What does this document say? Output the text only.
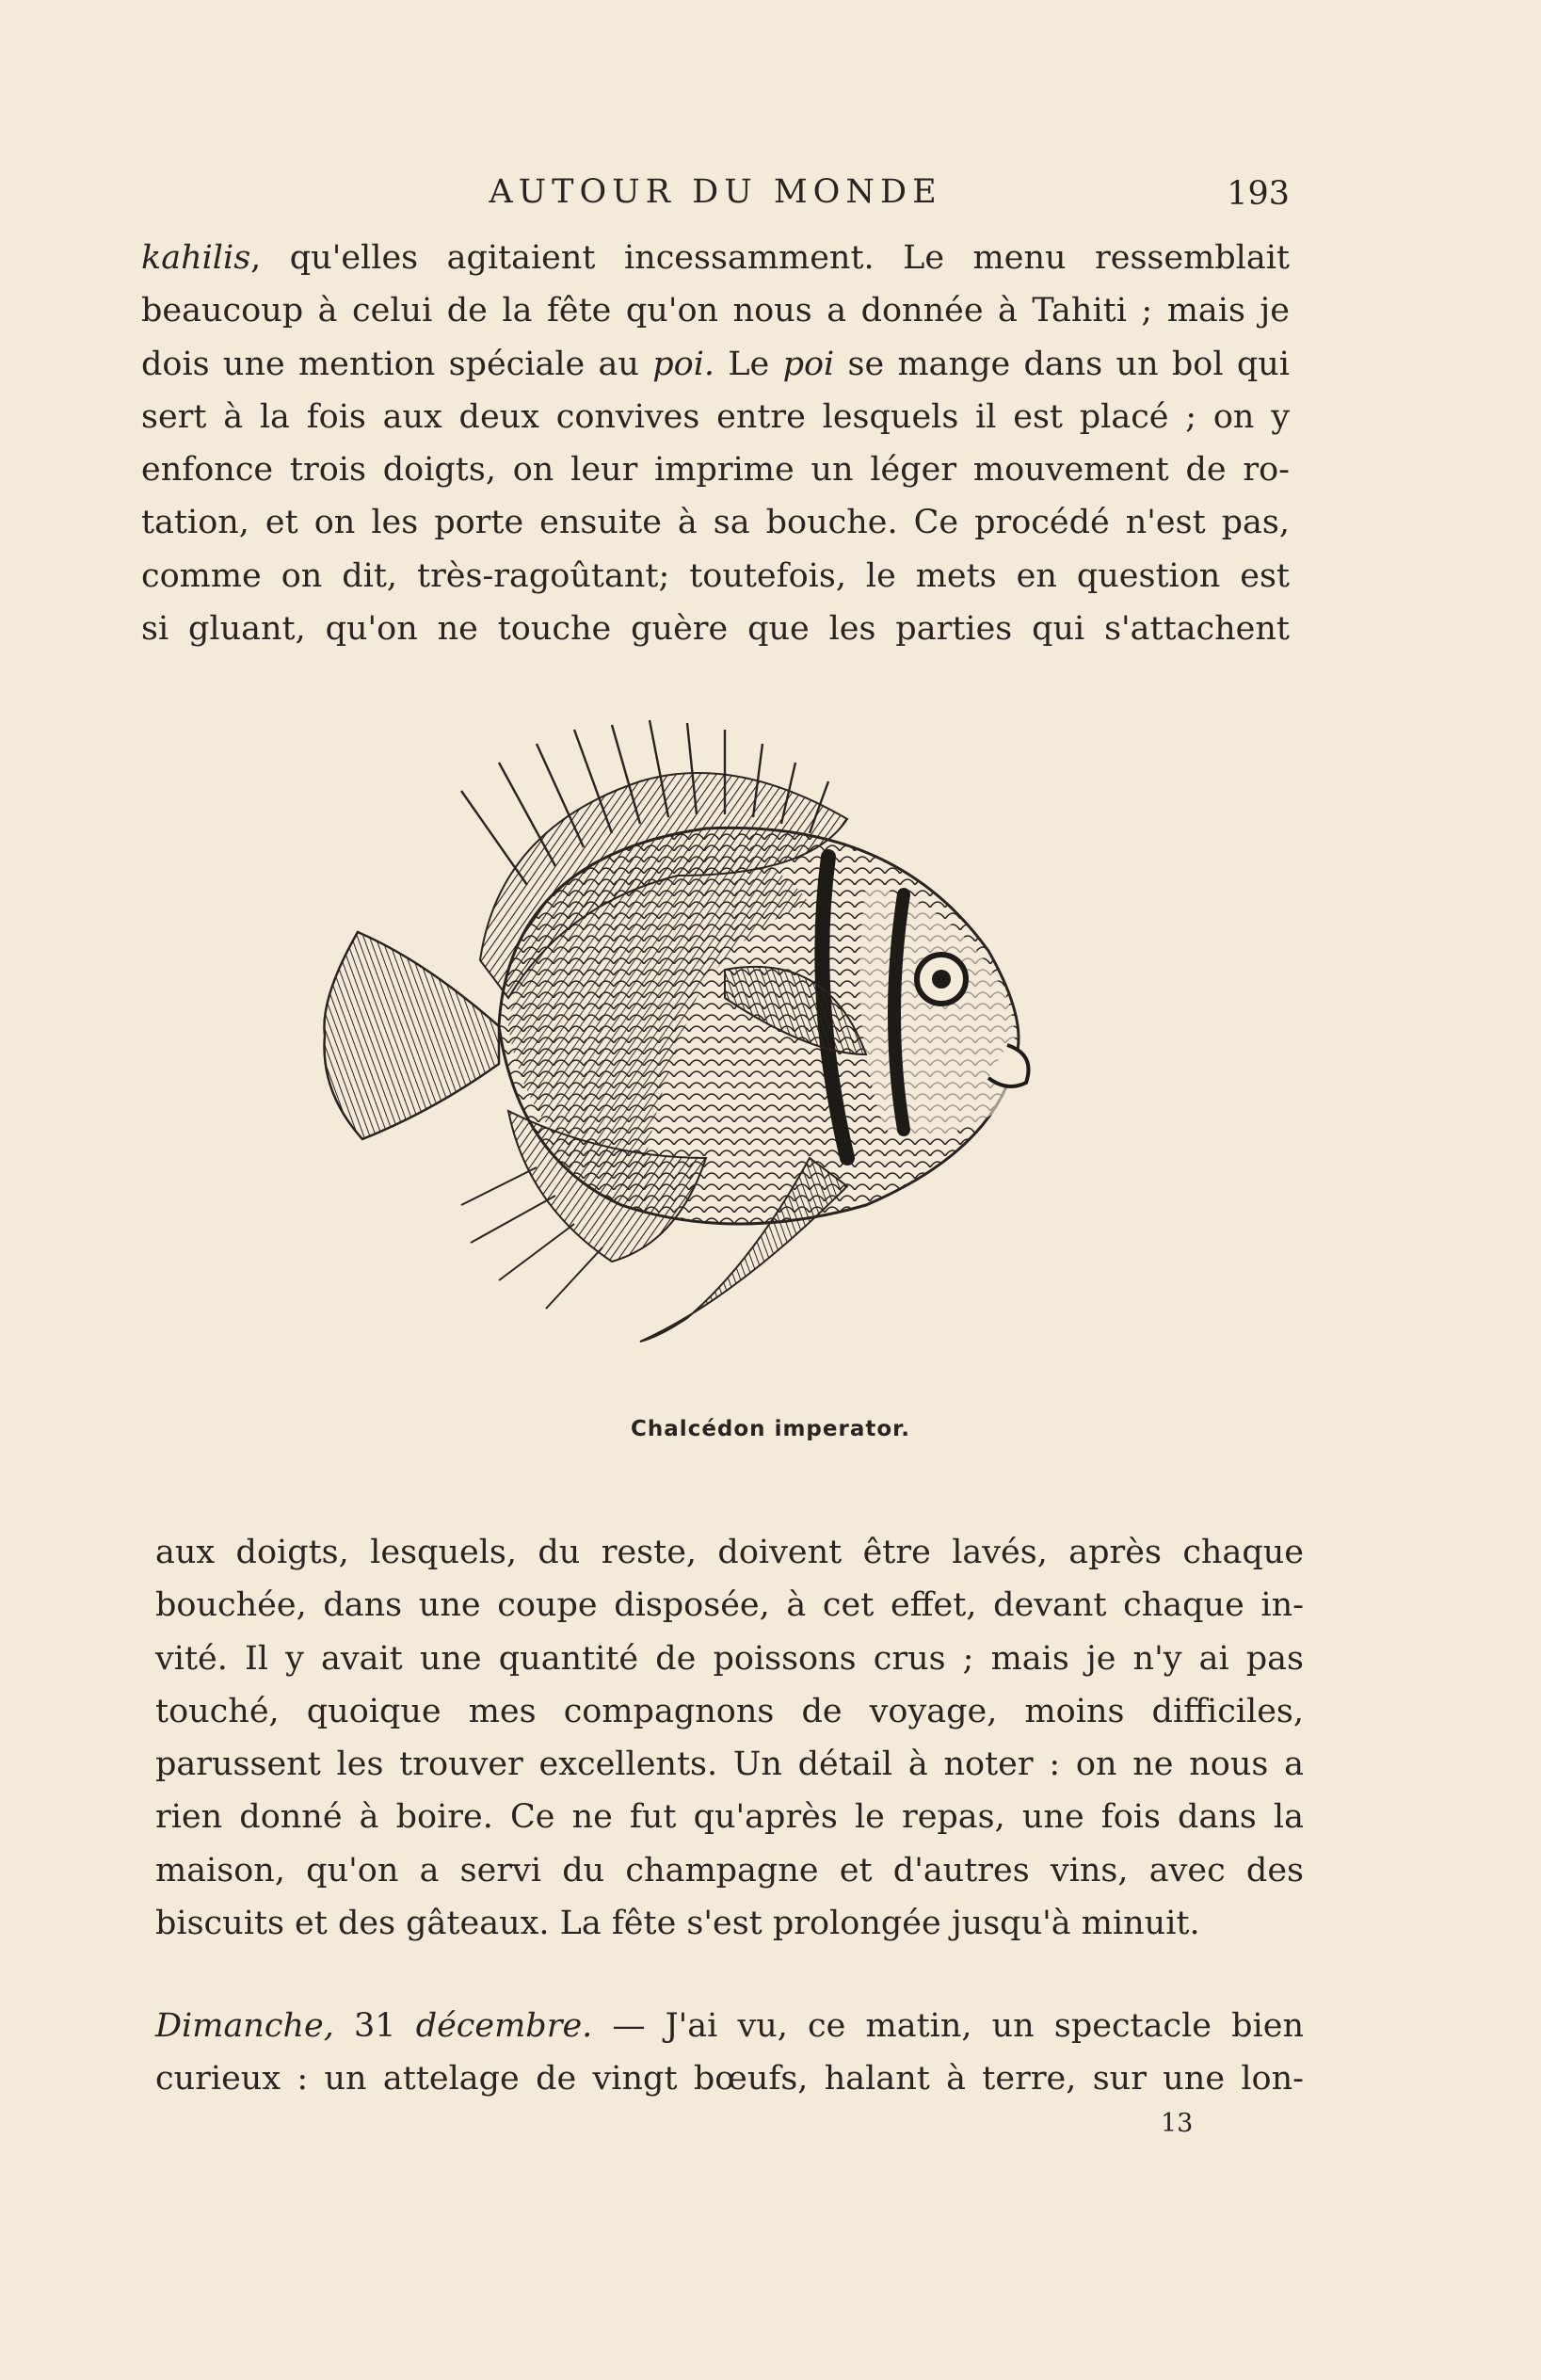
AUTOUR DU MONDE	193
kahilis, qu'elles agitaient incessamment. Le menu ressemblait
beaucoup à celui de la fête qu'on nous a donnée à Tahiti ; mais je
dois une mention spéciale au poi. Le poi se mange dans un bol qui
sert à la fois aux deux convives entre lesquels il est placé ; on y
enfonce trois doigts, on leur imprime un léger mouvement de ro-
tation, et on les porte ensuite à sa bouche. Ce procédé n'est pas,
comme on dit, très-ragoûtant; toutefois, le mets en question est
si gluant, qu'on ne touche guère que les parties qui s'attachent
Chalcédon imperator.
aux doigts, lesquels, du reste, doivent être lavés, après chaque
bouchée, dans une coupe disposée, à cet effet, devant chaque in-
vité. Il y avait une quantité de poissons crus ; mais je n'y ai pas
touché, quoique mes compagnons de voyage, moins difficiles,
parussent les trouver excellents. Un détail à noter : on ne nous a
rien donné à boire. Ce ne fut qu'après le repas, une fois dans la
maison, qu'on a servi du champagne et d'autres vins, avec des
biscuits et des gâteaux. La fête s'est prolongée jusqu'à minuit.
Dimanche, 31 décembre. — J'ai vu, ce matin, un spectacle bien
curieux : un attelage de vingt bœufs, halant à terre, sur une lon-
13
